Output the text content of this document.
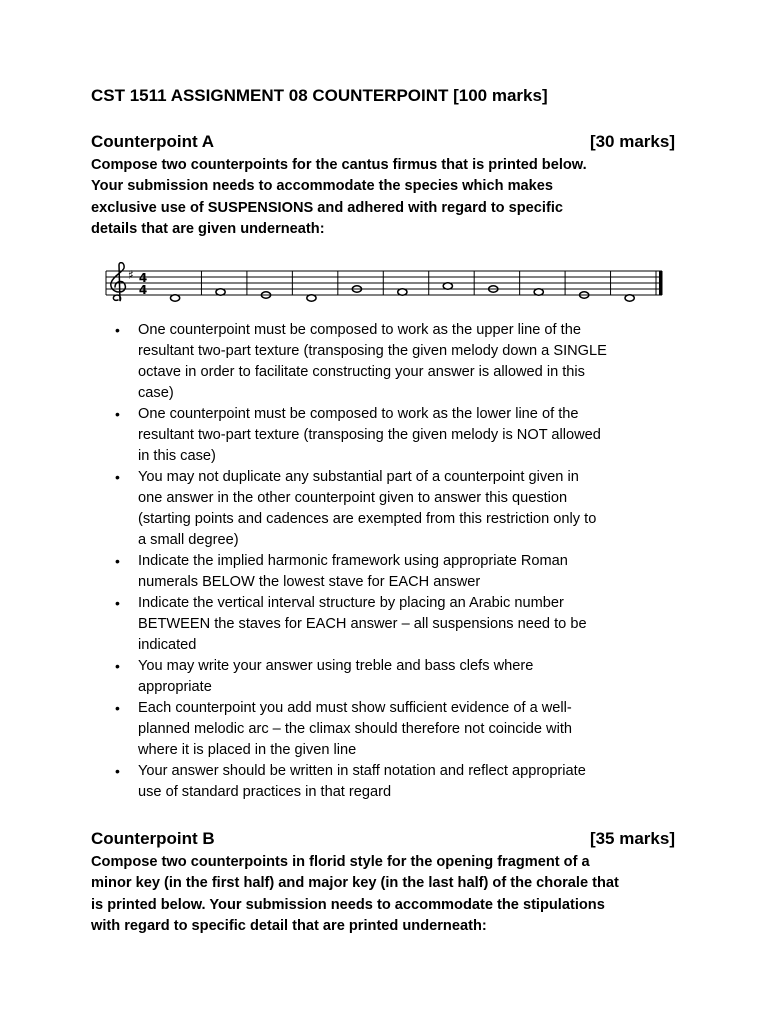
CST 1511 ASSIGNMENT 08 COUNTERPOINT [100 marks]
Counterpoint A	[30 marks]
Compose two counterpoints for the cantus firmus that is printed below.
Your submission needs to accommodate the species which makes
exclusive use of SUSPENSIONS and adhered with regard to specific
details that are given underneath:
♯ 4
4
• One counterpoint must be composed to work as the upper line of the
resultant two-part texture (transposing the given melody down a SINGLE
octave in order to facilitate constructing your answer is allowed in this
case)
• One counterpoint must be composed to work as the lower line of the
resultant two-part texture (transposing the given melody is NOT allowed
in this case)
• You may not duplicate any substantial part of a counterpoint given in
one answer in the other counterpoint given to answer this question
(starting points and cadences are exempted from this restriction only to
a small degree)
• Indicate the implied harmonic framework using appropriate Roman
numerals BELOW the lowest stave for EACH answer
• Indicate the vertical interval structure by placing an Arabic number
BETWEEN the staves for EACH answer – all suspensions need to be
indicated
• You may write your answer using treble and bass clefs where
appropriate
• Each counterpoint you add must show sufficient evidence of a well-
planned melodic arc – the climax should therefore not coincide with
where it is placed in the given line
• Your answer should be written in staff notation and reflect appropriate
use of standard practices in that regard
Counterpoint B	[35 marks]
Compose two counterpoints in florid style for the opening fragment of a
minor key (in the first half) and major key (in the last half) of the chorale that
is printed below. Your submission needs to accommodate the stipulations
with regard to specific detail that are printed underneath:
